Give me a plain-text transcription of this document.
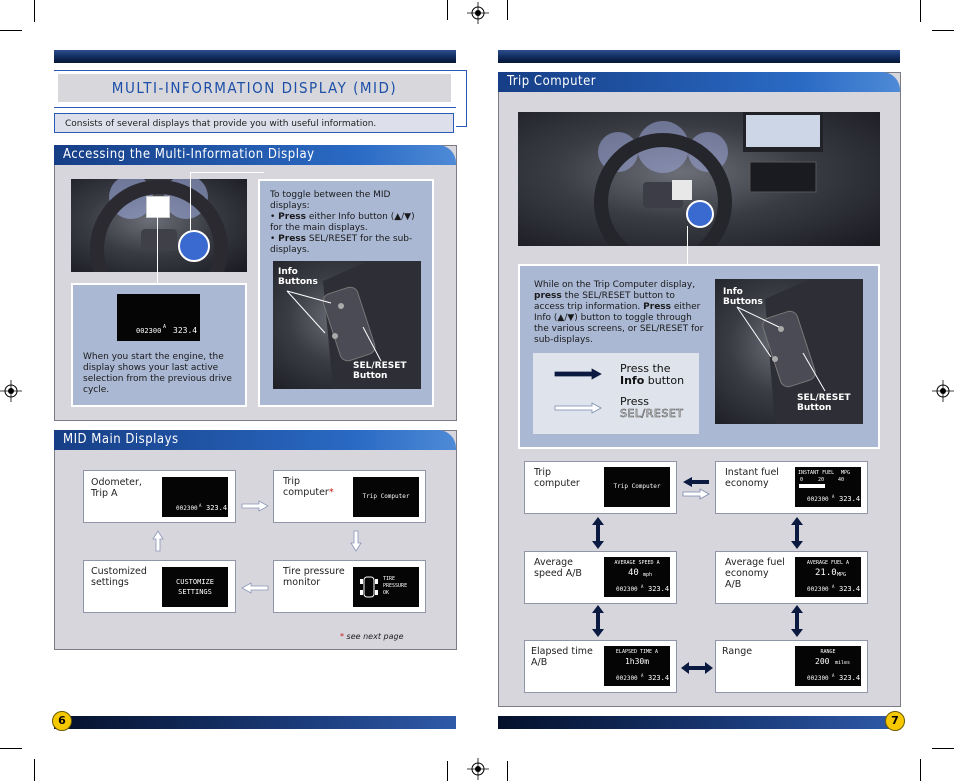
MULTI-INFORMATION DISPLAY (MID)
Consists of several displays that provide you with useful information.
Accessing the Multi-Information Display
002300 A 323.4
When you start the engine, the display shows your last active selection from the previous drive cycle.
To toggle between the MID displays:
• Press either Info button (▲/▼) for the main displays.
• Press SEL/RESET for the sub-displays.
Info Buttons
SEL/RESET Button
MID Main Displays
Odometer, Trip A
002300 A 323.4
Trip computer*	Trip Computer
Customized settings	CUSTOMIZE
SETTINGS
Tire pressure monitor	TIRE
PRESSURE
OK
* see next page
6
Trip Computer
While on the Trip Computer display, press the SEL/RESET button to access trip information. Press either Info (▲/▼) button to toggle through the various screens, or SEL/RESET for sub-displays.
Press the
Info button
Press
SEL/RESET
Info Buttons
SEL/RESET Button
Trip computer	Trip Computer
Instant fuel economy
INSTANT FUEL MPG
0	20	40
002300 A 323.4
Average speed A/B
AVERAGE SPEED A
40 mph
002300 A 323.4
Average fuel economy A/B
AVERAGE FUEL A
21.0 MPG
002300 A 323.4
Elapsed time A/B
ELAPSED TIME A
1h30m
002300 A 323.4
Range	RANGE
200 miles
002300 A 323.4
7
